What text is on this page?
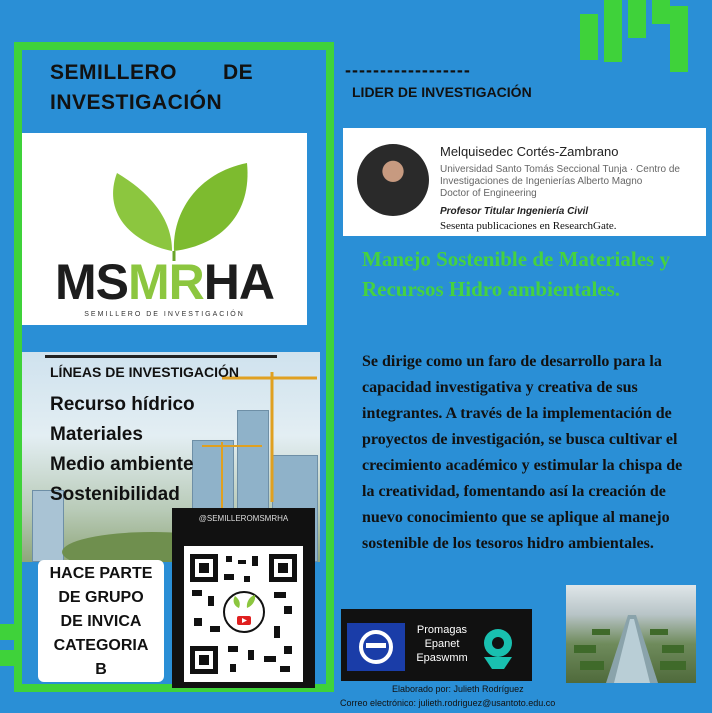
SEMILLERO DE
INVESTIGACIÓN
MSMRHA
SEMILLERO DE INVESTIGACIÓN
LÍNEAS DE INVESTIGACIÓN
Recurso hídrico
Materiales
Medio ambiente
Sostenibilidad
HACE PARTE
DE GRUPO
DE INVICA
CATEGORIA
B
@SEMILLEROMSMRHA
------------------
LIDER DE INVESTIGACIÓN
Melquisedec Cortés-Zambrano
Universidad Santo Tomás Seccional Tunja · Centro de Investigaciones de Ingenierías Alberto Magno
Doctor of Engineering
Profesor Titular Ingeniería Civil
Sesenta publicaciones en ResearchGate.
Manejo Sostenible de Materiales y Recursos Hidro ambientales.
Se dirige como un faro de desarrollo para la capacidad investigativa y creativa de sus integrantes. A través de la implementación de proyectos de investigación, se busca cultivar el crecimiento académico y estimular la chispa de la creatividad, fomentando así la creación de nuevo conocimiento que se aplique al manejo sostenible de los tesoros hidro ambientales.
Promagas
Epanet
Epaswmm
Elaborado por: Julieth Rodríguez
Correo electrónico: julieth.rodriguez@usantoto.edu.co
